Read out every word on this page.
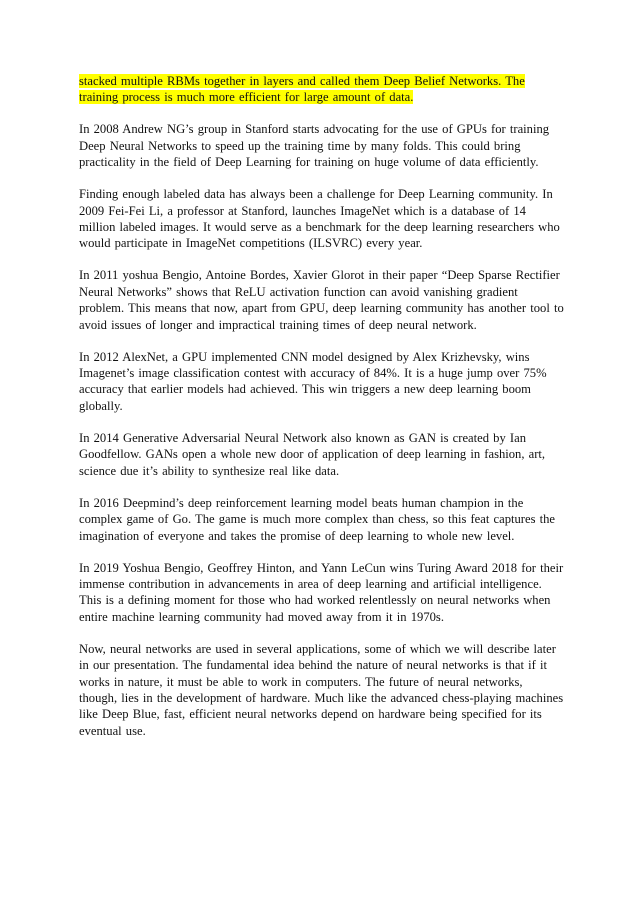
stacked multiple RBMs together in layers and called them Deep Belief Networks. The training process is much more efficient for large amount of data.

In 2008 Andrew NG’s group in Stanford starts advocating for the use of GPUs for training Deep Neural Networks to speed up the training time by many folds. This could bring practicality in the field of Deep Learning for training on huge volume of data efficiently.

Finding enough labeled data has always been a challenge for Deep Learning community. In 2009 Fei-Fei Li, a professor at Stanford, launches ImageNet which is a database of 14 million labeled images. It would serve as a benchmark for the deep learning researchers who would participate in ImageNet competitions (ILSVRC) every year.

In 2011 yoshua Bengio, Antoine Bordes, Xavier Glorot in their paper “Deep Sparse Rectifier Neural Networks” shows that ReLU activation function can avoid vanishing gradient problem. This means that now, apart from GPU, deep learning community has another tool to avoid issues of longer and impractical training times of deep neural network.

In 2012 AlexNet, a GPU implemented CNN model designed by Alex Krizhevsky, wins Imagenet’s image classification contest with accuracy of 84%. It is a huge jump over 75% accuracy that earlier models had achieved. This win triggers a new deep learning boom globally.

In 2014 Generative Adversarial Neural Network also known as GAN is created by Ian Goodfellow. GANs open a whole new door of application of deep learning in fashion, art, science due it’s ability to synthesize real like data.

In 2016 Deepmind’s deep reinforcement learning model beats human champion in the complex game of Go. The game is much more complex than chess, so this feat captures the imagination of everyone and takes the promise of deep learning to whole new level.

In 2019 Yoshua Bengio, Geoffrey Hinton, and Yann LeCun wins Turing Award 2018 for their immense contribution in advancements in area of deep learning and artificial intelligence. This is a defining moment for those who had worked relentlessly on neural networks when entire machine learning community had moved away from it in 1970s.

Now, neural networks are used in several applications, some of which we will describe later in our presentation. The fundamental idea behind the nature of neural networks is that if it works in nature, it must be able to work in computers. The future of neural networks, though, lies in the development of hardware. Much like the advanced chess-playing machines like Deep Blue, fast, efficient neural networks depend on hardware being specified for its eventual use.
